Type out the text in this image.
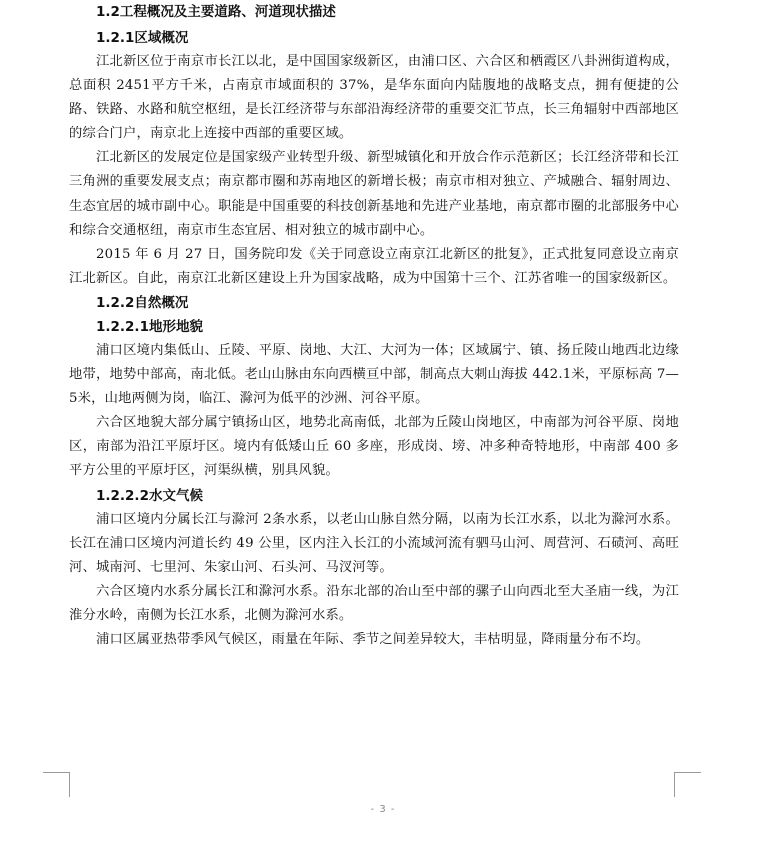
1.2工程概况及主要道路、河道现状描述
1.2.1区域概况

江北新区位于南京市长江以北，是中国国家级新区，由浦口区、六合区和栖霞区八卦洲街道构成，总面积 2451平方千米，占南京市域面积的 37%，是华东面向内陆腹地的战略支点，拥有便捷的公路、铁路、水路和航空枢纽，是长江经济带与东部沿海经济带的重要交汇节点，长三角辐射中西部地区的综合门户，南京北上连接中西部的重要区域。

江北新区的发展定位是国家级产业转型升级、新型城镇化和开放合作示范新区；长江经济带和长江三角洲的重要发展支点；南京都市圈和苏南地区的新增长极；南京市相对独立、产城融合、辐射周边、生态宜居的城市副中心。职能是中国重要的科技创新基地和先进产业基地，南京都市圈的北部服务中心和综合交通枢纽，南京市生态宜居、相对独立的城市副中心。

2015 年 6 月 27 日，国务院印发《关于同意设立南京江北新区的批复》，正式批复同意设立南京江北新区。自此，南京江北新区建设上升为国家战略，成为中国第十三个、江苏省唯一的国家级新区。

1.2.2自然概况
1.2.2.1地形地貌

浦口区境内集低山、丘陵、平原、岗地、大江、大河为一体；区域属宁、镇、扬丘陵山地西北边缘地带，地势中部高，南北低。老山山脉由东向西横亘中部，制高点大刺山海拔 442.1米，平原标高 7—5米，山地两侧为岗，临江、滁河为低平的沙洲、河谷平原。

六合区地貌大部分属宁镇扬山区，地势北高南低，北部为丘陵山岗地区，中南部为河谷平原、岗地区，南部为沿江平原圩区。境内有低矮山丘 60 多座，形成岗、塝、冲多种奇特地形，中南部 400 多平方公里的平原圩区，河渠纵横，别具风貌。

1.2.2.2水文气候

浦口区境内分属长江与滁河 2条水系，以老山山脉自然分隔，以南为长江水系，以北为滁河水系。长江在浦口区境内河道长约 49 公里，区内注入长江的小流域河流有驷马山河、周营河、石碛河、高旺河、城南河、七里河、朱家山河、石头河、马汊河等。

六合区境内水系分属长江和滁河水系。沿东北部的冶山至中部的骡子山向西北至大圣庙一线，为江淮分水岭，南侧为长江水系，北侧为滁河水系。

浦口区属亚热带季风气候区，雨量在年际、季节之间差异较大，丰枯明显，降雨量分布不均。

- 3 -
